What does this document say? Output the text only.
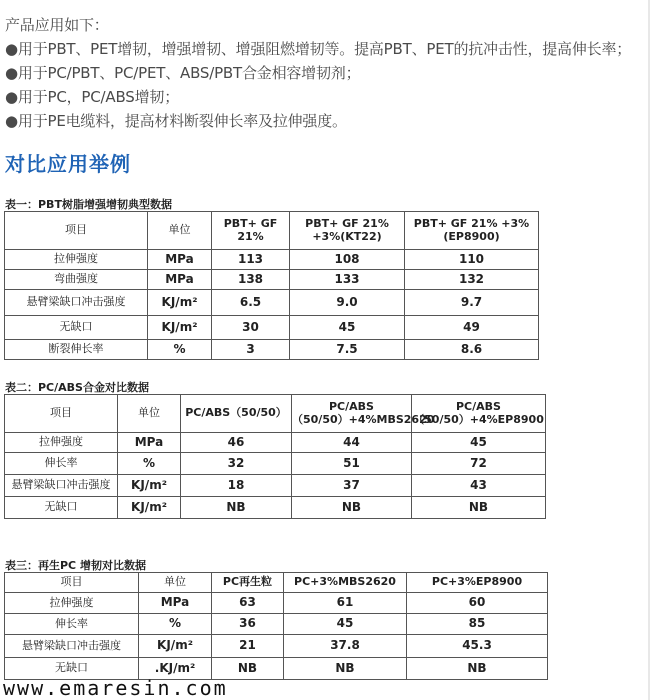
产品应用如下：
●用于PBT、PET增韧，增强增韧、增强阻燃增韧等。提高PBT、PET的抗冲击性，提高伸长率；
●用于PC/PBT、PC/PET、ABS/PBT合金相容增韧剂；
●用于PC，PC/ABS增韧；
●用于PE电缆料，提高材料断裂伸长率及拉伸强度。
对比应用举例
表一：PBT树脂增强增韧典型数据
项目	单位	PBT+ GF 21%	PBT+ GF 21% +3%(KT22)	PBT+ GF 21% +3% (EP8900)
拉伸强度	MPa	113	108	110
弯曲强度	MPa	138	133	132
悬臂梁缺口冲击强度	KJ/m²	6.5	9.0	9.7
无缺口	KJ/m²	30	45	49
断裂伸长率	%	3	7.5	8.6
表二：PC/ABS合金对比数据
项目	单位	PC/ABS（50/50）	PC/ABS（50/50）+4%MBS2620	PC/ABS（50/50）+4%EP8900
拉伸强度	MPa	46	44	45
伸长率	%	32	51	72
悬臂梁缺口冲击强度	KJ/m²	18	37	43
无缺口	KJ/m²	NB	NB	NB
表三：再生PC 增韧对比数据
项目	单位	PC再生粒	PC+3%MBS2620	PC+3%EP8900
拉伸强度	MPa	63	61	60
伸长率	%	36	45	85
悬臂梁缺口冲击强度	KJ/m²	21	37.8	45.3
无缺口	.KJ/m²	NB	NB	NB
www.emaresin.com
